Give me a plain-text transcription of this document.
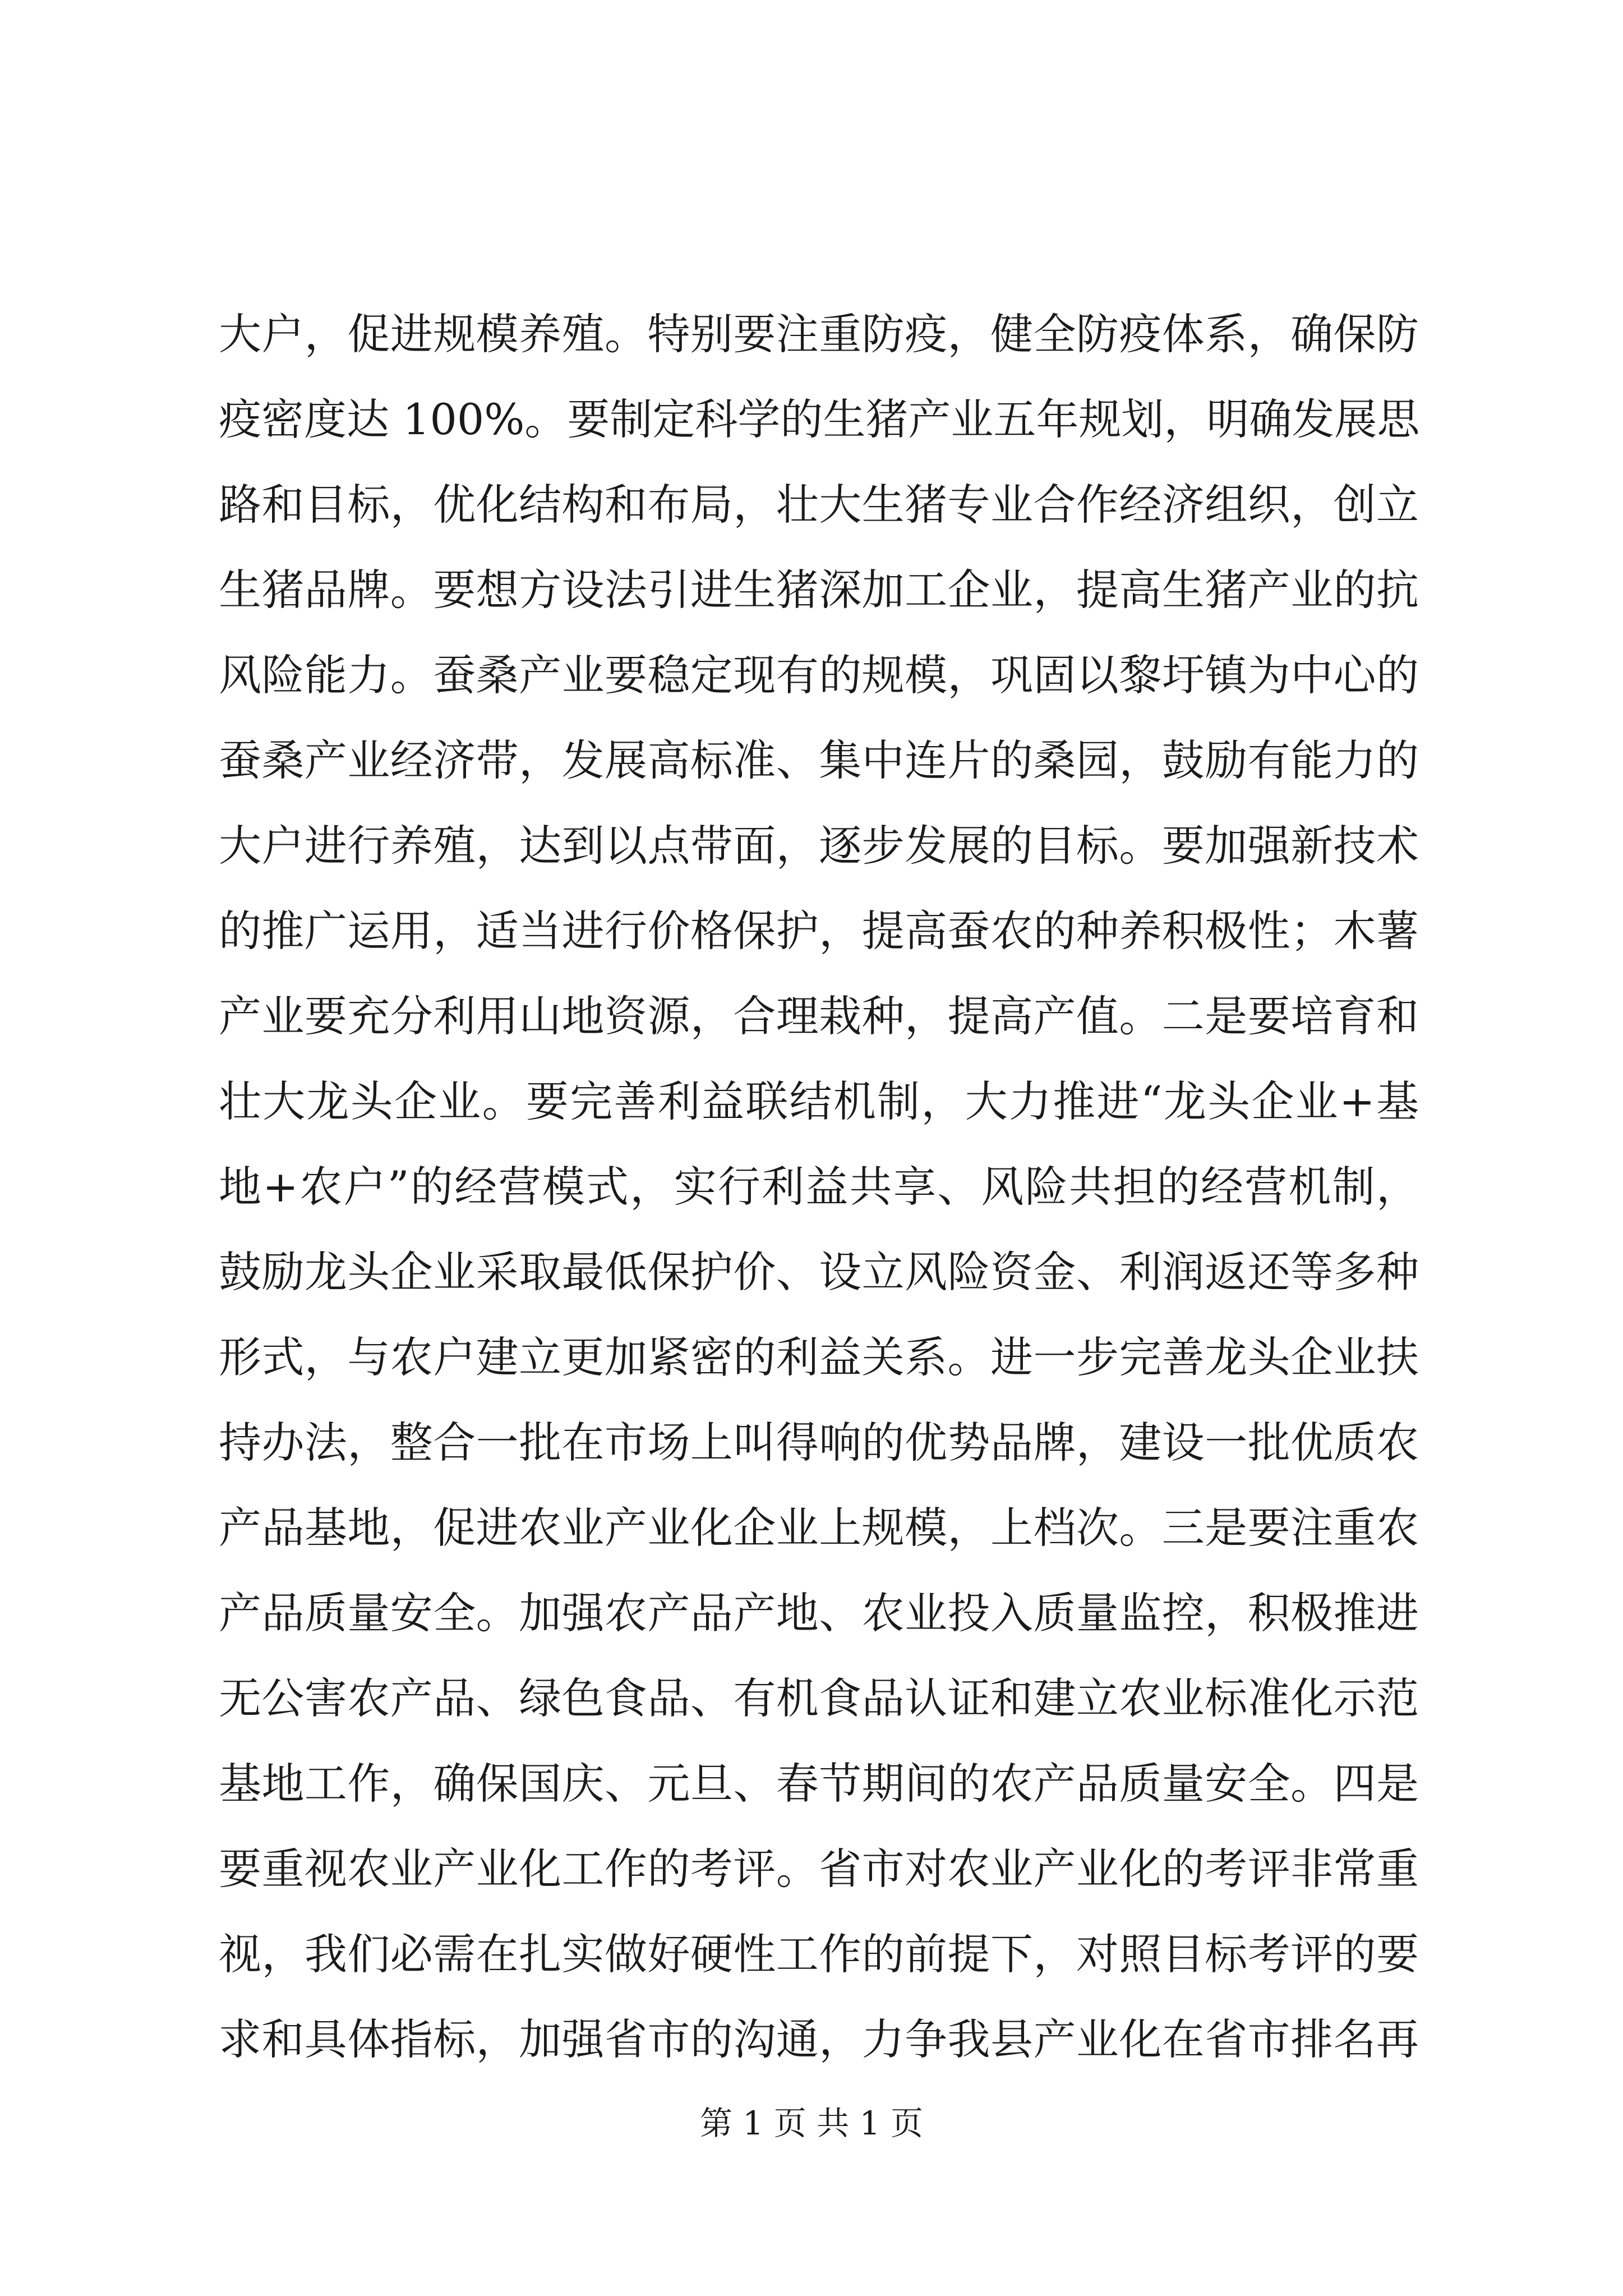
大户，促进规模养殖。特别要注重防疫，健全防疫体系，确保防
疫密度达 100%。要制定科学的生猪产业五年规划，明确发展思
路和目标，优化结构和布局，壮大生猪专业合作经济组织，创立
生猪品牌。要想方设法引进生猪深加工企业，提高生猪产业的抗
风险能力。蚕桑产业要稳定现有的规模，巩固以黎圩镇为中心的
蚕桑产业经济带，发展高标准、集中连片的桑园，鼓励有能力的
大户进行养殖，达到以点带面，逐步发展的目标。要加强新技术
的推广运用，适当进行价格保护，提高蚕农的种养积极性；木薯
产业要充分利用山地资源，合理栽种，提高产值。二是要培育和
壮大龙头企业。要完善利益联结机制，大力推进“龙头企业+基
地+农户”的经营模式，实行利益共享、风险共担的经营机制，
鼓励龙头企业采取最低保护价、设立风险资金、利润返还等多种
形式，与农户建立更加紧密的利益关系。进一步完善龙头企业扶
持办法，整合一批在市场上叫得响的优势品牌，建设一批优质农
产品基地，促进农业产业化企业上规模，上档次。三是要注重农
产品质量安全。加强农产品产地、农业投入质量监控，积极推进
无公害农产品、绿色食品、有机食品认证和建立农业标准化示范
基地工作，确保国庆、元旦、春节期间的农产品质量安全。四是
要重视农业产业化工作的考评。省市对农业产业化的考评非常重
视，我们必需在扎实做好硬性工作的前提下，对照目标考评的要
求和具体指标，加强省市的沟通，力争我县产业化在省市排名再
第 1 页 共 1 页
